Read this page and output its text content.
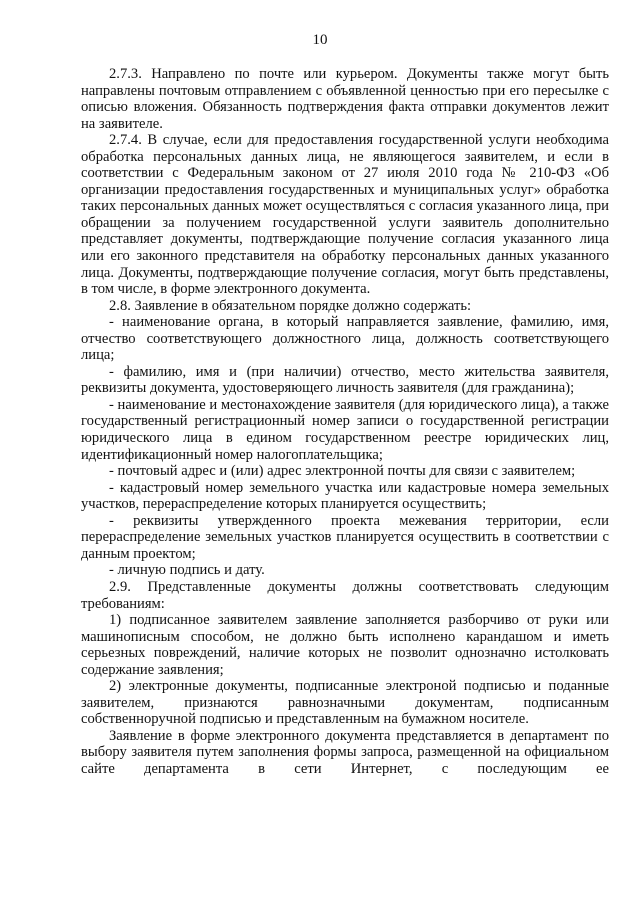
10

2.7.3. Направлено по почте или курьером. Документы также могут быть направлены почтовым отправлением с объявленной ценностью при его пересылке с описью вложения. Обязанность подтверждения факта отправки документов лежит на заявителе.

2.7.4. В случае, если для предоставления государственной услуги необходима обработка персональных данных лица, не являющегося заявителем, и если в соответствии с Федеральным законом от 27 июля 2010 года № 210-ФЗ «Об организации предоставления государственных и муниципальных услуг» обработка таких персональных данных может осуществляться с согласия указанного лица, при обращении за получением государственной услуги заявитель дополнительно представляет документы, подтверждающие получение согласия указанного лица или его законного представителя на обработку персональных данных указанного лица. Документы, подтверждающие получение согласия, могут быть представлены, в том числе, в форме электронного документа.

2.8. Заявление в обязательном порядке должно содержать:

- наименование органа, в который направляется заявление, фамилию, имя, отчество соответствующего должностного лица, должность соответствующего лица;

- фамилию, имя и (при наличии) отчество, место жительства заявителя, реквизиты документа, удостоверяющего личность заявителя (для гражданина);

- наименование и местонахождение заявителя (для юридического лица), а также государственный регистрационный номер записи о государственной регистрации юридического лица в едином государственном реестре юридических лиц, идентификационный номер налогоплательщика;

- почтовый адрес и (или) адрес электронной почты для связи с заявителем;

- кадастровый номер земельного участка или кадастровые номера земельных участков, перераспределение которых планируется осуществить;

- реквизиты утвержденного проекта межевания территории, если перераспределение земельных участков планируется осуществить в соответствии с данным проектом;

- личную подпись и дату.

2.9. Представленные документы должны соответствовать следующим требованиям:

1) подписанное заявителем заявление заполняется разборчиво от руки или машинописным способом, не должно быть исполнено карандашом и иметь серьезных повреждений, наличие которых не позволит однозначно истолковать содержание заявления;

2) электронные документы, подписанные электроной подписью и поданные заявителем, признаются равнозначными документам, подписанным собственноручной подписью и представленным на бумажном носителе.

Заявление в форме электронного документа представляется в департамент по выбору заявителя путем заполнения формы запроса, размещенной на официальном сайте департамента в сети Интернет, с последующим ее
